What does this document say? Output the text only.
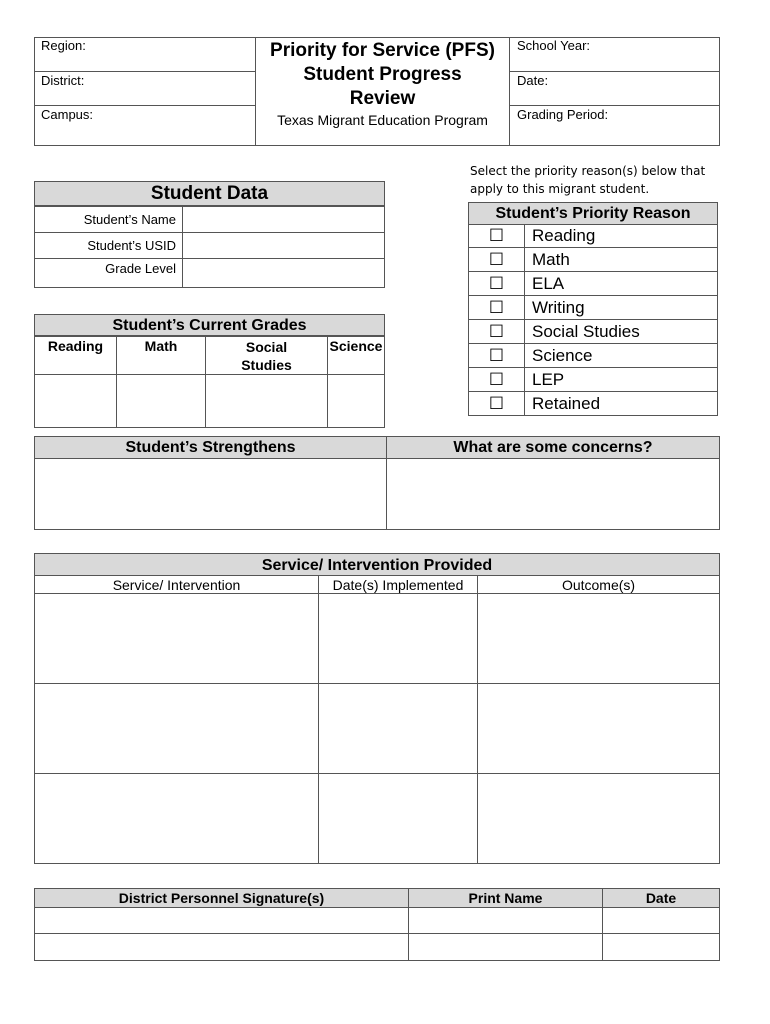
Region:
District:
Campus:
Priority for Service (PFS)
Student Progress
Review
Texas Migrant Education Program
School Year:
Date:
Grading Period:
Student Data
Student’s Name	
Student’s USID	
Grade Level	
Select the priority reason(s) below that
apply to this migrant student.
Student’s Priority Reason
☐	Reading
☐	Math
☐	ELA
☐	Writing
☐	Social Studies
☐	Science
☐	LEP
☐	Retained
Student’s Current Grades
Reading	Math	Social Studies	Science

Student’s Strengthens	What are some concerns?

Service/ Intervention Provided
Service/ Intervention	Date(s) Implemented	Outcome(s)

District Personnel Signature(s)	Print Name	Date
